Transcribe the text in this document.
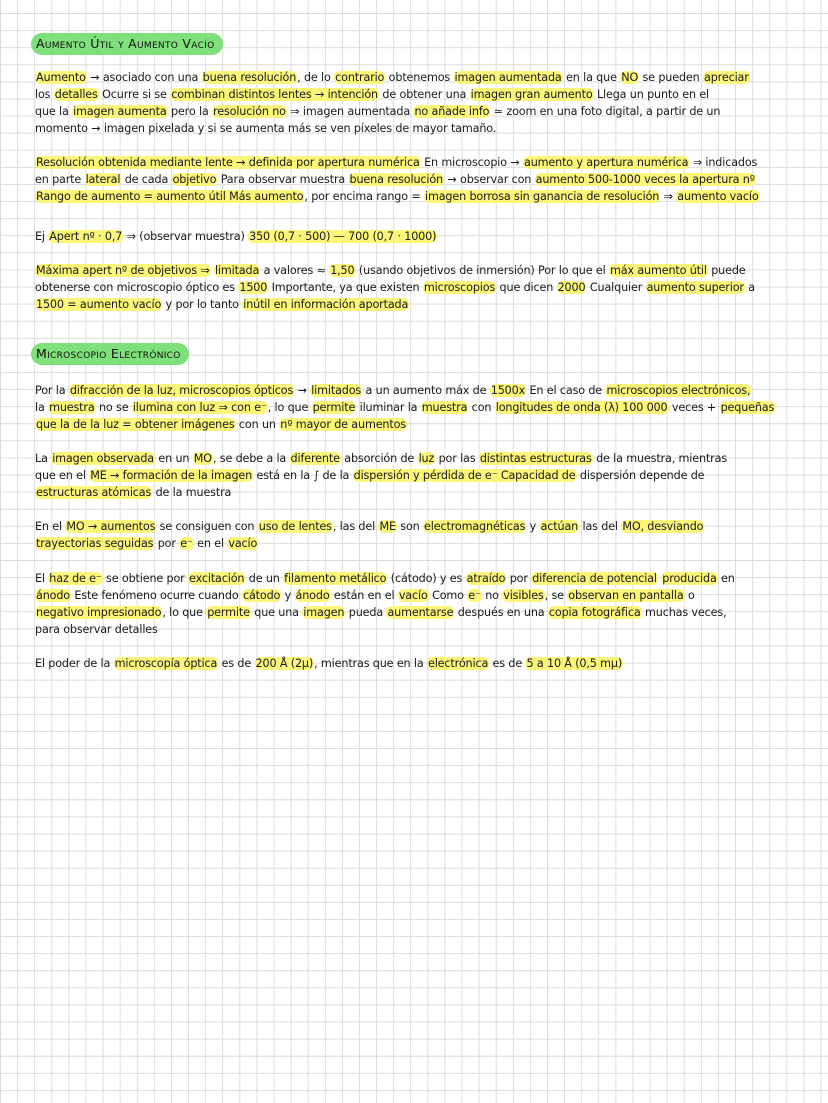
Aumento Útil y Aumento Vacío
Aumento → asociado con una buena resolución, de lo contrario obtenemos imagen aumentada en la que NO se pueden apreciar
los detalles Ocurre si se combinan distintos lentes → intención de obtener una imagen gran aumento Llega un punto en el
que la imagen aumenta pero la resolución no ⇒ imagen aumentada no añade info ≃ zoom en una foto digital, a partir de un
momento → imagen pixelada y si se aumenta más se ven píxeles de mayor tamaño.
Resolución obtenida mediante lente → definida por apertura numérica En microscopio → aumento y apertura numérica ⇒ indicados
en parte lateral de cada objetivo Para observar muestra buena resolución → observar con aumento 500-1000 veces la apertura nº
Rango de aumento = aumento útil Más aumento, por encima rango = imagen borrosa sin ganancia de resolución ⇒ aumento vacío
Ej Apert nº · 0,7 ⇒ (observar muestra) 350 (0,7 · 500) — 700 (0,7 · 1000)
Máxima apert nº de objetivos ⇒ limitada a valores ≈ 1,50 (usando objetivos de inmersión) Por lo que el máx aumento útil puede
obtenerse con microscopio óptico es 1500 Importante, ya que existen microscopios que dicen 2000 Cualquier aumento superior a
1500 = aumento vacío y por lo tanto inútil en información aportada
Microscopio Electrónico
Por la difracción de la luz, microscopios ópticos → limitados a un aumento máx de 1500x En el caso de microscopios electrónicos,
la muestra no se ilumina con luz ⇒ con e⁻, lo que permite iluminar la muestra con longitudes de onda (λ) 100 000 veces + pequeñas
que la de la luz = obtener imágenes con un nº mayor de aumentos
La imagen observada en un MO, se debe a la diferente absorción de luz por las distintas estructuras de la muestra, mientras
que en el ME → formación de la imagen está en la ∫ de la dispersión y pérdida de e⁻ Capacidad de dispersión depende de
estructuras atómicas de la muestra
En el MO → aumentos se consiguen con uso de lentes, las del ME son electromagnéticas y actúan las del MO, desviando
trayectorias seguidas por e⁻ en el vacío
El haz de e⁻ se obtiene por excitación de un filamento metálico (cátodo) y es atraído por diferencia de potencial producida en
ánodo Este fenómeno ocurre cuando cátodo y ánodo están en el vacío Como e⁻ no visibles, se observan en pantalla o
negativo impresionado, lo que permite que una imagen pueda aumentarse después en una copia fotográfica muchas veces,
para observar detalles
El poder de la microscopía óptica es de 200 Å (2μ), mientras que en la electrónica es de 5 a 10 Å (0,5 mμ)
